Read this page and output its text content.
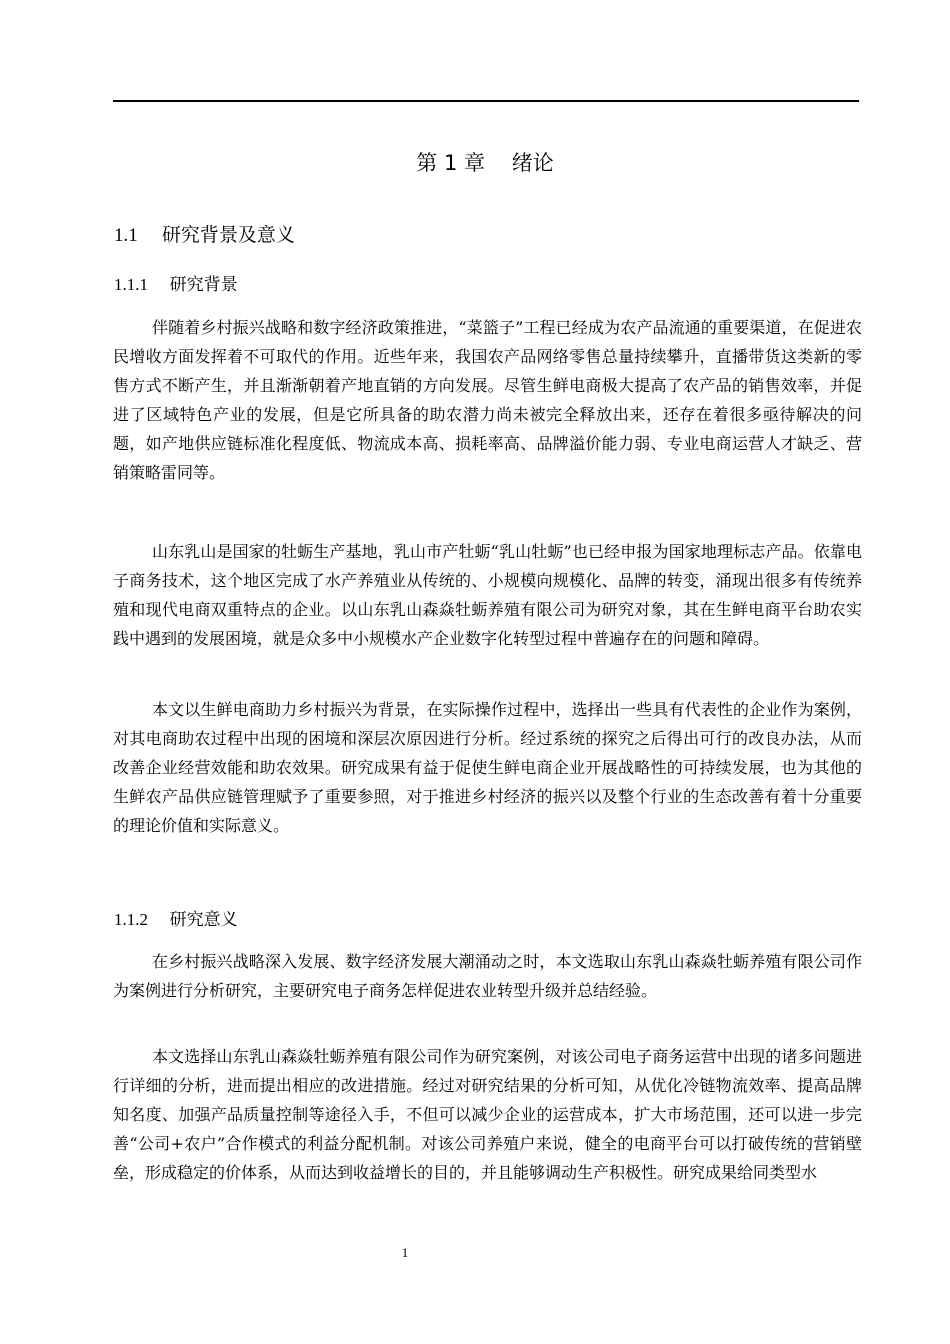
第 1 章    绪论
1.1 研究背景及意义
1.1.1 研究背景

伴随着乡村振兴战略和数字经济政策推进，“菜篮子”工程已经成为农产品流通的重要渠道，在促进农民增收方面发挥着不可取代的作用。近些年来，我国农产品网络零售总量持续攀升，直播带货这类新的零售方式不断产生，并且渐渐朝着产地直销的方向发展。尽管生鲜电商极大提高了农产品的销售效率，并促进了区域特色产业的发展，但是它所具备的助农潜力尚未被完全释放出来，还存在着很多亟待解决的问题，如产地供应链标准化程度低、物流成本高、损耗率高、品牌溢价能力弱、专业电商运营人才缺乏、营销策略雷同等。

山东乳山是国家的牡蛎生产基地，乳山市产牡蛎“乳山牡蛎”也已经申报为国家地理标志产品。依靠电子商务技术，这个地区完成了水产养殖业从传统的、小规模向规模化、品牌的转变，涌现出很多有传统养殖和现代电商双重特点的企业。以山东乳山森焱牡蛎养殖有限公司为研究对象，其在生鲜电商平台助农实践中遇到的发展困境，就是众多中小规模水产企业数字化转型过程中普遍存在的问题和障碍。

本文以生鲜电商助力乡村振兴为背景，在实际操作过程中，选择出一些具有代表性的企业作为案例，对其电商助农过程中出现的困境和深层次原因进行分析。经过系统的探究之后得出可行的改良办法，从而改善企业经营效能和助农效果。研究成果有益于促使生鲜电商企业开展战略性的可持续发展，也为其他的生鲜农产品供应链管理赋予了重要参照，对于推进乡村经济的振兴以及整个行业的生态改善有着十分重要的理论价值和实际意义。

1.1.2 研究意义

在乡村振兴战略深入发展、数字经济发展大潮涌动之时，本文选取山东乳山森焱牡蛎养殖有限公司作为案例进行分析研究，主要研究电子商务怎样促进农业转型升级并总结经验。

本文选择山东乳山森焱牡蛎养殖有限公司作为研究案例，对该公司电子商务运营中出现的诸多问题进行详细的分析，进而提出相应的改进措施。经过对研究结果的分析可知，从优化冷链物流效率、提高品牌知名度、加强产品质量控制等途径入手，不但可以减少企业的运营成本，扩大市场范围，还可以进一步完善“公司+农户”合作模式的利益分配机制。对该公司养殖户来说，健全的电商平台可以打破传统的营销壁垒，形成稳定的价体系，从而达到收益增长的目的，并且能够调动生产积极性。研究成果给同类型水

1
